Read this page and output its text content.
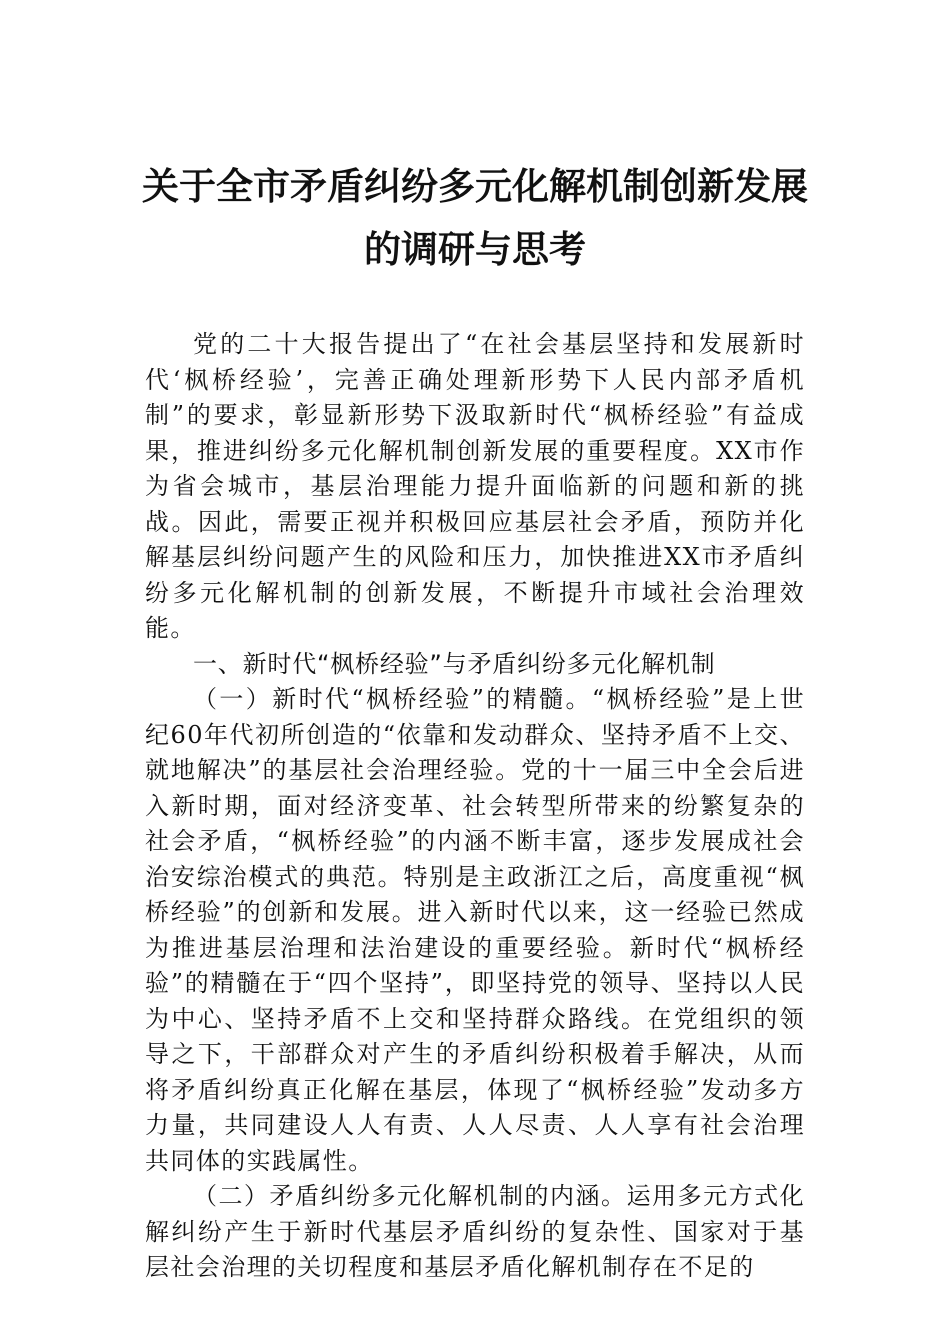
关于全市矛盾纠纷多元化解机制创新发展
的调研与思考

党的二十大报告提出了“在社会基层坚持和发展新时代‘枫桥经验’，完善正确处理新形势下人民内部矛盾机制”的要求，彰显新形势下汲取新时代“枫桥经验”有益成果，推进纠纷多元化解机制创新发展的重要程度。XX市作为省会城市，基层治理能力提升面临新的问题和新的挑战。因此，需要正视并积极回应基层社会矛盾，预防并化解基层纠纷问题产生的风险和压力，加快推进XX市矛盾纠纷多元化解机制的创新发展，不断提升市域社会治理效能。

一、新时代“枫桥经验”与矛盾纠纷多元化解机制

（一）新时代“枫桥经验”的精髓。“枫桥经验”是上世纪60年代初所创造的“依靠和发动群众、坚持矛盾不上交、就地解决”的基层社会治理经验。党的十一届三中全会后进入新时期，面对经济变革、社会转型所带来的纷繁复杂的社会矛盾，“枫桥经验”的内涵不断丰富，逐步发展成社会治安综治模式的典范。特别是主政浙江之后，高度重视“枫桥经验”的创新和发展。进入新时代以来，这一经验已然成为推进基层治理和法治建设的重要经验。新时代“枫桥经验”的精髓在于“四个坚持”，即坚持党的领导、坚持以人民为中心、坚持矛盾不上交和坚持群众路线。在党组织的领导之下，干部群众对产生的矛盾纠纷积极着手解决，从而将矛盾纠纷真正化解在基层，体现了“枫桥经验”发动多方力量，共同建设人人有责、人人尽责、人人享有社会治理共同体的实践属性。

（二）矛盾纠纷多元化解机制的内涵。运用多元方式化解纠纷产生于新时代基层矛盾纠纷的复杂性、国家对于基层社会治理的关切程度和基层矛盾化解机制存在不足的
